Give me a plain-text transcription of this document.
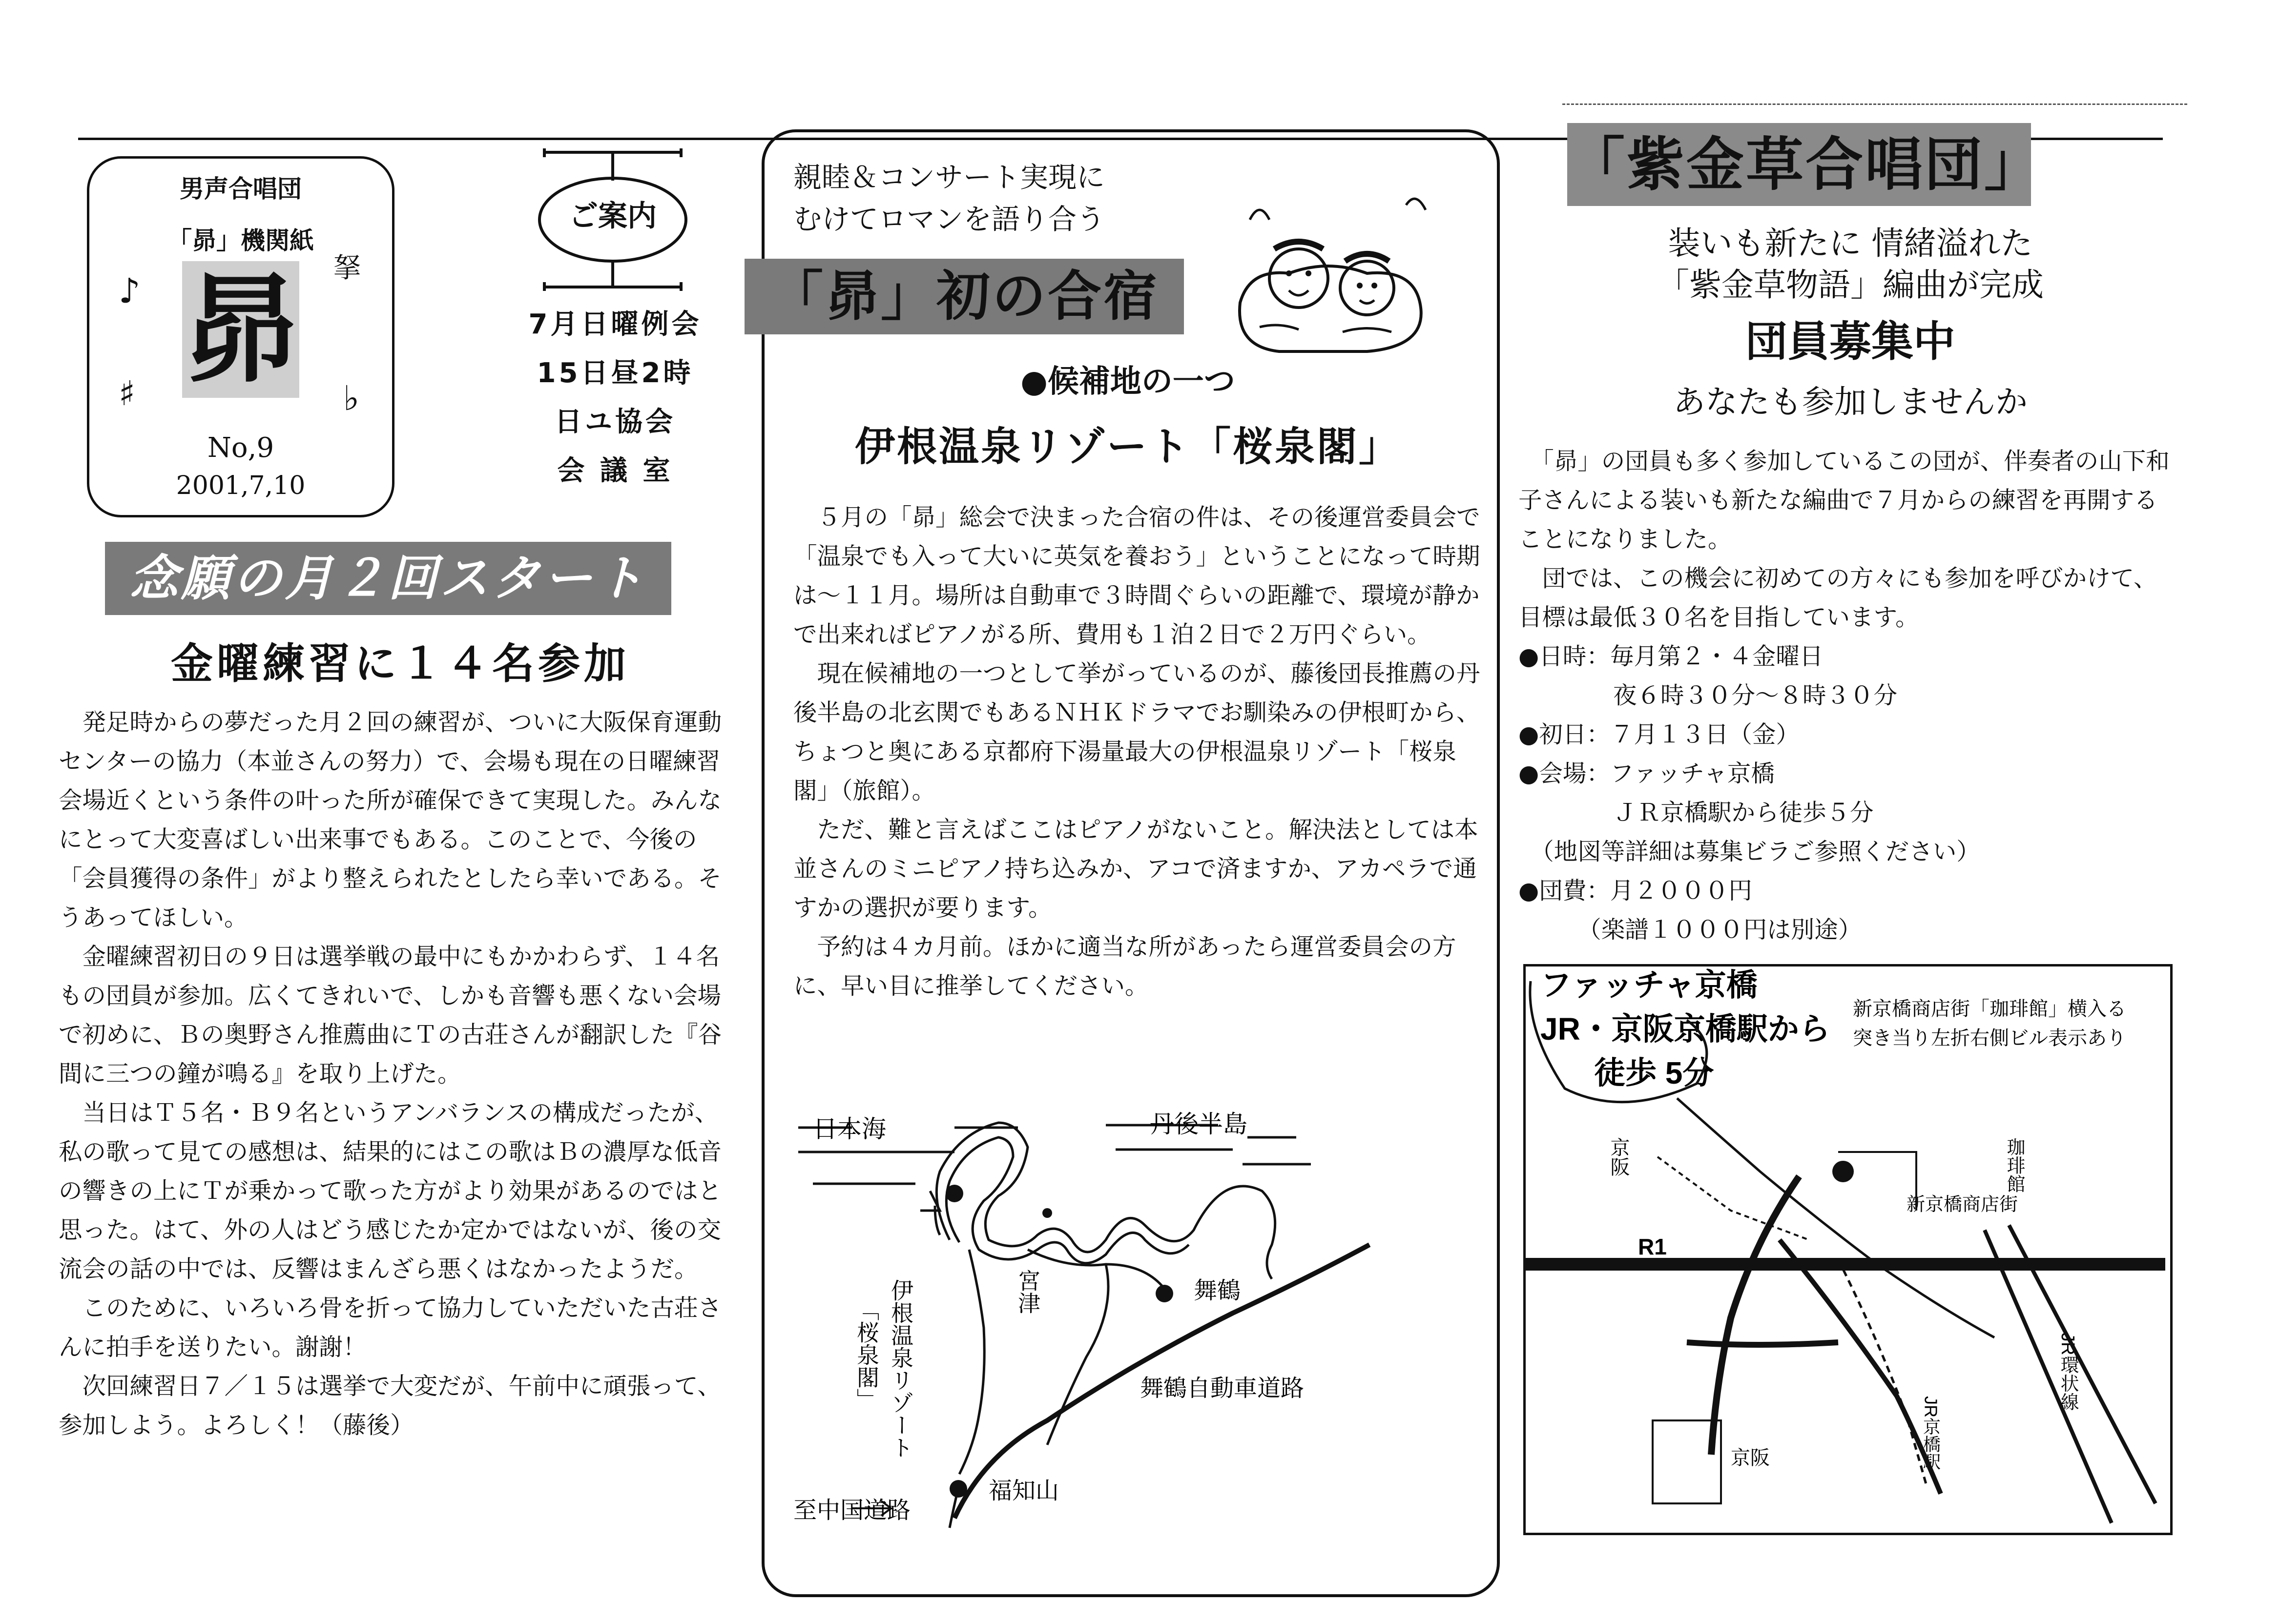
男声合唱団
「昴」機関紙
昴
♪
♯	♭
拏
No,9
2001,7,10
ご案内
7月日曜例会
15日昼2時
日ユ協会
会 議 室
念願の月２回スタート
金曜練習に１４名参加

　発足時からの夢だった月２回の練習が、ついに大阪保育運動センターの協力（本並さんの努力）で、会場も現在の日曜練習会場近くという条件の叶った所が確保できて実現した。みんなにとって大変喜ばしい出来事でもある。このことで、今後の「会員獲得の条件」がより整えられたとしたら幸いである。そうあってほしい。

　金曜練習初日の９日は選挙戦の最中にもかかわらず、１４名もの団員が参加。広くてきれいで、しかも音響も悪くない会場で初めに、Ｂの奥野さん推薦曲にＴの古荘さんが翻訳した『谷間に三つの鐘が鳴る』を取り上げた。

　当日はＴ５名・Ｂ９名というアンバランスの構成だったが、私の歌って見ての感想は、結果的にはこの歌はＢの濃厚な低音の響きの上にＴが乗かって歌った方がより効果があるのではと思った。はて、外の人はどう感じたか定かではないが、後の交流会の話の中では、反響はまんざら悪くはなかったようだ。

　このために、いろいろ骨を折って協力していただいた古荘さんに拍手を送りたい。謝謝！

　次回練習日７／１５は選挙で大変だが、午前中に頑張って、参加しよう。よろしく！（藤後）

親睦＆コンサート実現に
むけてロマンを語り合う
「昴」初の合宿
●候補地の一つ
伊根温泉リゾート「桜泉閣」

　５月の「昴」総会で決まった合宿の件は、その後運営委員会で「温泉でも入って大いに英気を養おう」ということになって時期は〜１１月。場所は自動車で３時間ぐらいの距離で、環境が静かで出来ればピアノがる所、費用も１泊２日で２万円ぐらい。

　現在候補地の一つとして挙がっているのが、藤後団長推薦の丹後半島の北玄関でもあるＮＨＫドラマでお馴染みの伊根町から、ちょつと奥にある京都府下湯量最大の伊根温泉リゾート「桜泉閣」（旅館）。

　ただ、難と言えばここはピアノがないこと。解決法としては本並さんのミニピアノ持ち込みか、アコで済ますか、アカペラで通すかの選択が要ります。

　予約は４カ月前。ほかに適当な所があったら運営委員会の方に、早い目に推挙してください。

日本海	丹後半島
宮津
伊根温泉リゾート
「桜泉閣」
舞鶴
舞鶴自動車道路
福知山
至中国道路
「紫金草合唱団」
装いも新たに 情緒溢れた
「紫金草物語」編曲が完成
団員募集中
あなたも参加しませんか

　「昴」の団員も多く参加しているこの団が、伴奏者の山下和子さんによる装いも新たな編曲で７月からの練習を再開することになりました。

　団では、この機会に初めての方々にも参加を呼びかけて、目標は最低３０名を目指しています。

●日時：毎月第２・４金曜日

　　　　夜６時３０分〜８時３０分

●初日：７月１３日（金）

●会場：ファッチャ京橋

　　　　ＪＲ京橋駅から徒歩５分

　（地図等詳細は募集ビラご参照ください）

●団費：月２０００円

　　　（楽譜１０００円は別途）

ファッチャ京橋
JR・京阪京橋駅から
徒歩 5分
新京橋商店街「珈琲館」横入る
突き当り左折右側ビル表示あり
京阪	珈琲館
新京橋商店街
R1
JR環状線
JR京橋駅
京阪
